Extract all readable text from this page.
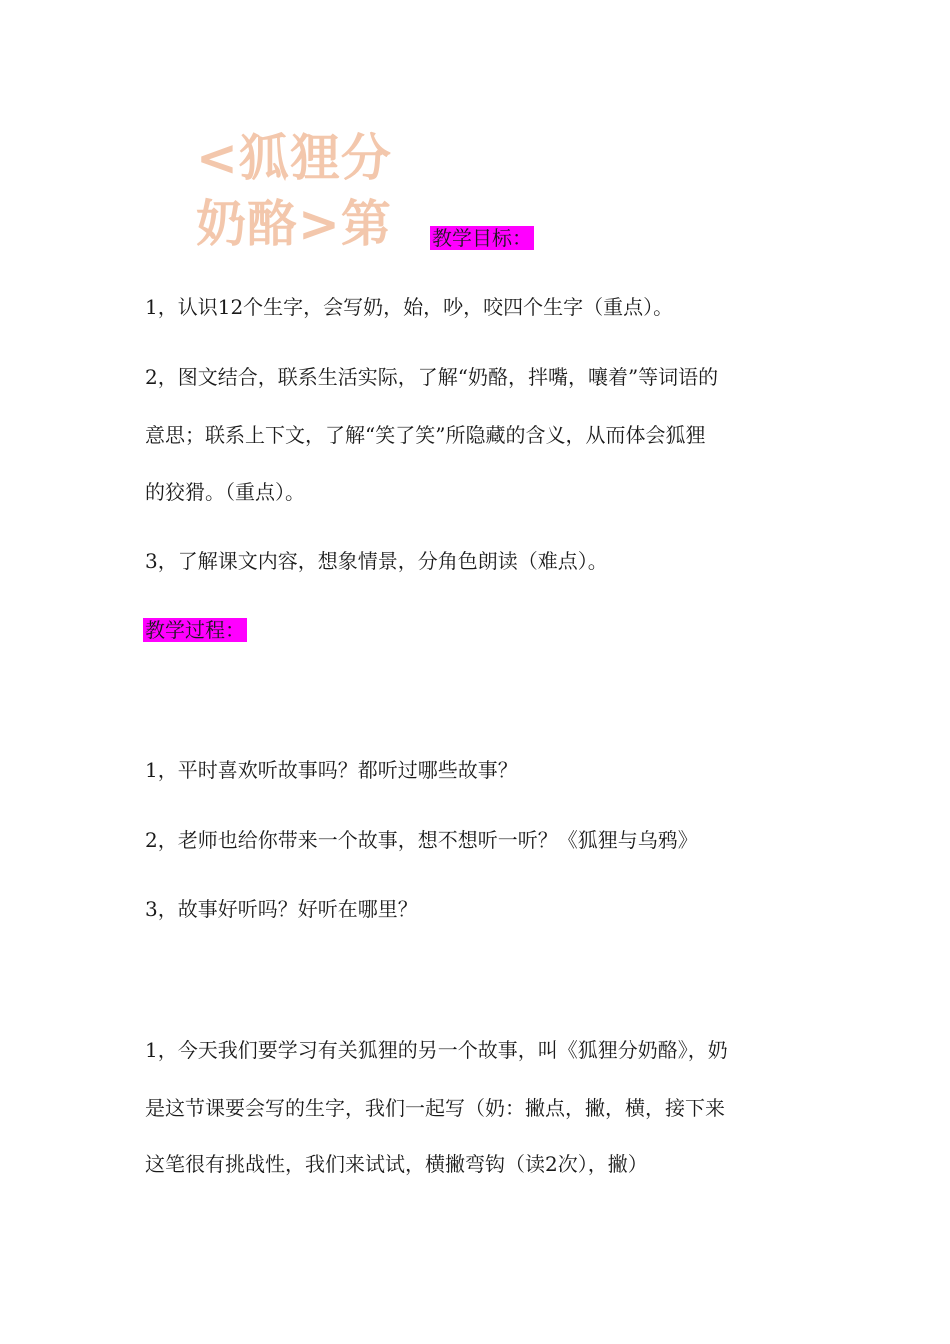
<狐狸分奶酪>第	教学目标：
1，认识12个生字，会写奶，始，吵，咬四个生字（重点）。
2，图文结合，联系生活实际，了解“奶酪，拌嘴，嚷着”等词语的
意思；联系上下文，了解“笑了笑”所隐藏的含义，从而体会狐狸
的狡猾。（重点）。
3，了解课文内容，想象情景，分角色朗读（难点）。
教学过程：
1，平时喜欢听故事吗？都听过哪些故事？
2，老师也给你带来一个故事，想不想听一听？《狐狸与乌鸦》
3，故事好听吗？好听在哪里？
1，今天我们要学习有关狐狸的另一个故事，叫《狐狸分奶酪》，奶
是这节课要会写的生字，我们一起写（奶：撇点，撇，横，接下来
这笔很有挑战性，我们来试试，横撇弯钩（读2次），撇）
